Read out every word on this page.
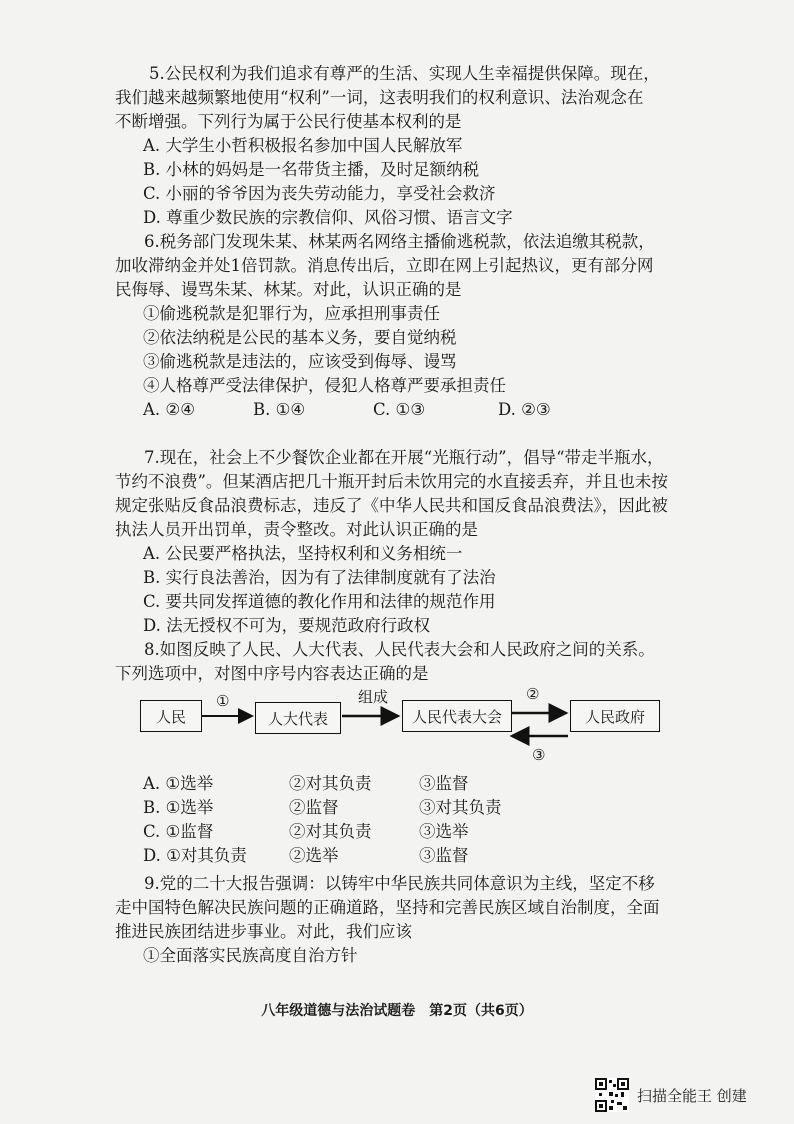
5.公民权利为我们追求有尊严的生活、实现人生幸福提供保障。现在，
我们越来越频繁地使用“权利”一词，这表明我们的权利意识、法治观念在
不断增强。下列行为属于公民行使基本权利的是
A. 大学生小哲积极报名参加中国人民解放军
B. 小林的妈妈是一名带货主播，及时足额纳税
C. 小丽的爷爷因为丧失劳动能力，享受社会救济
D. 尊重少数民族的宗教信仰、风俗习惯、语言文字
6.税务部门发现朱某、林某两名网络主播偷逃税款，依法追缴其税款，
加收滞纳金并处1倍罚款。消息传出后，立即在网上引起热议，更有部分网
民侮辱、谩骂朱某、林某。对此，认识正确的是
①偷逃税款是犯罪行为，应承担刑事责任
②依法纳税是公民的基本义务，要自觉纳税
③偷逃税款是违法的，应该受到侮辱、谩骂
④人格尊严受法律保护，侵犯人格尊严要承担责任
A. ②④	B. ①④	C. ①③	D. ②③
7.现在，社会上不少餐饮企业都在开展“光瓶行动”，倡导“带走半瓶水，
节约不浪费”。但某酒店把几十瓶开封后未饮用完的水直接丢弃，并且也未按
规定张贴反食品浪费标志，违反了《中华人民共和国反食品浪费法》，因此被
执法人员开出罚单，责令整改。对此认识正确的是
A. 公民要严格执法，坚持权利和义务相统一
B. 实行良法善治，因为有了法律制度就有了法治
C. 要共同发挥道德的教化作用和法律的规范作用
D. 法无授权不可为，要规范政府行政权
8.如图反映了人民、人大代表、人民代表大会和人民政府之间的关系。
下列选项中，对图中序号内容表达正确的是
人民	人大代表	人民代表大会	人民政府
①	组成	②
③
A. ①选举	②对其负责	③监督
B. ①选举	②监督	③对其负责
C. ①监督	②对其负责	③选举
D. ①对其负责	②选举	③监督
9.党的二十大报告强调：以铸牢中华民族共同体意识为主线，坚定不移
走中国特色解决民族问题的正确道路，坚持和完善民族区域自治制度，全面
推进民族团结进步事业。对此，我们应该
①全面落实民族高度自治方针
八年级道德与法治试题卷　第2页（共6页）
扫描全能王 创建
